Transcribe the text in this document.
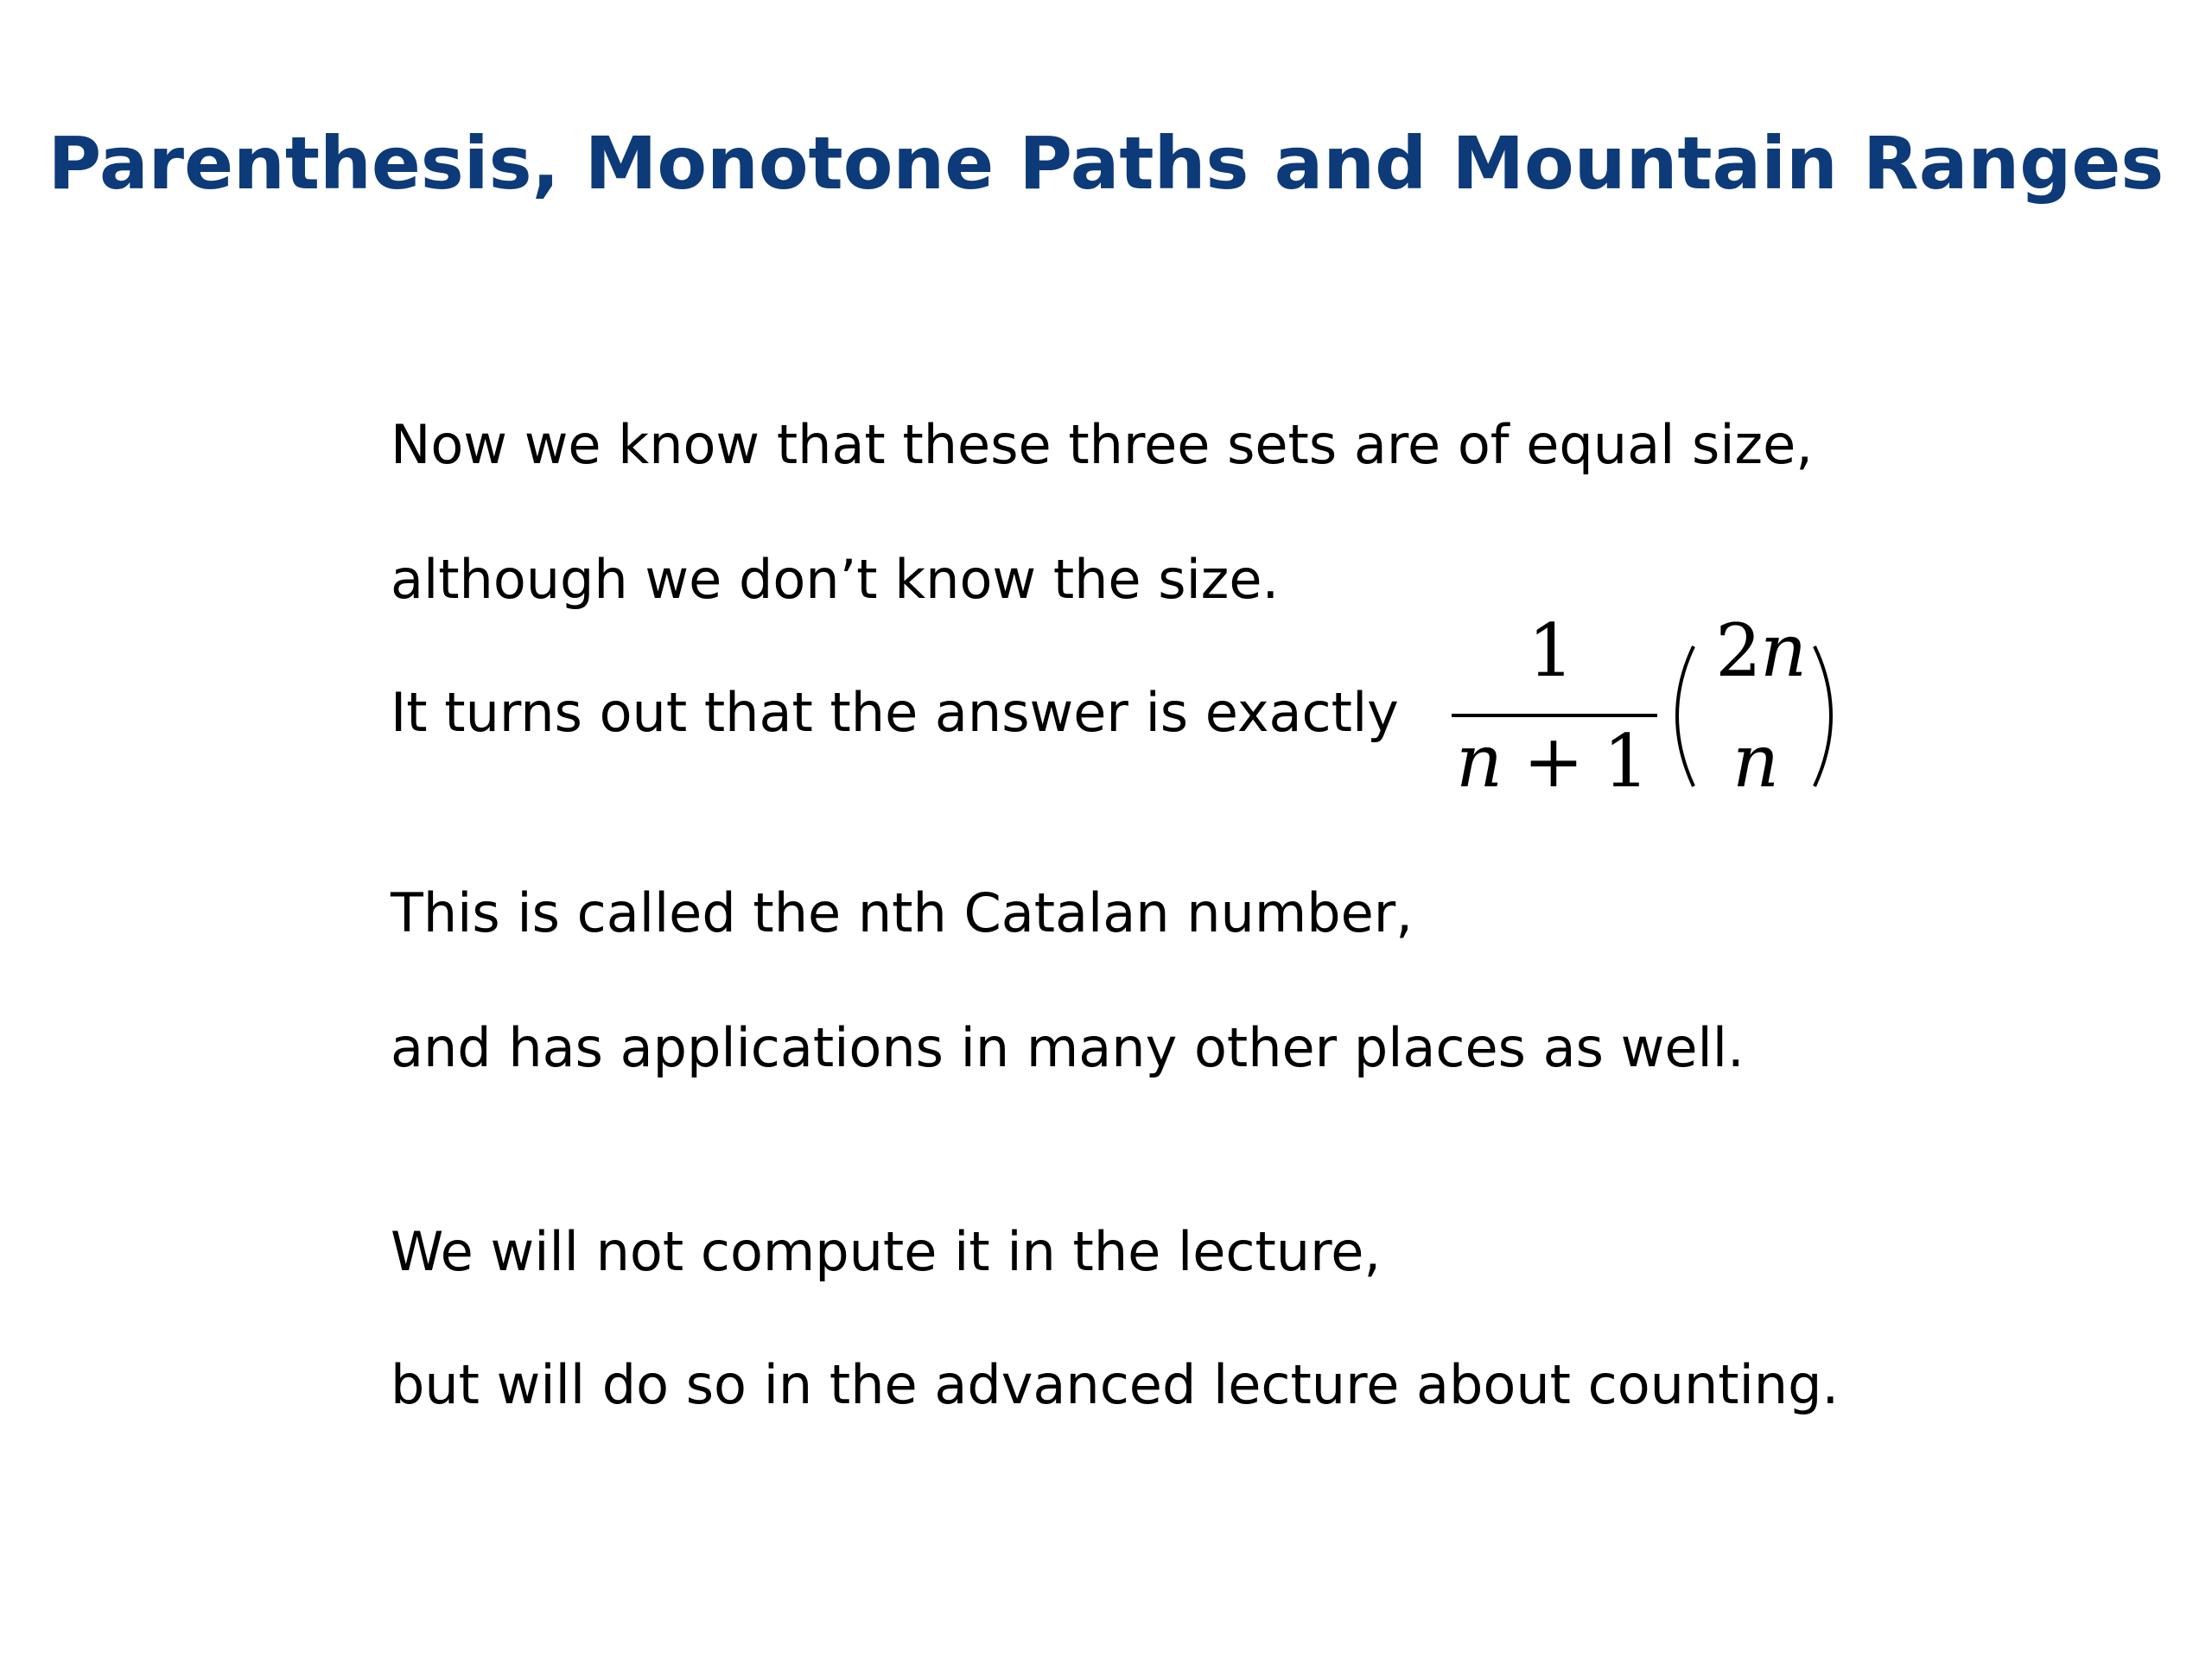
Parenthesis, Monotone Paths and Mountain Ranges
Now we know that these three sets are of equal size,
although we don’t know the size.
It turns out that the answer is exactly
1
n + 1
2
n
n
This is called the nth Catalan number,
and has applications in many other places as well.
We will not compute it in the lecture,
but will do so in the advanced lecture about counting.
